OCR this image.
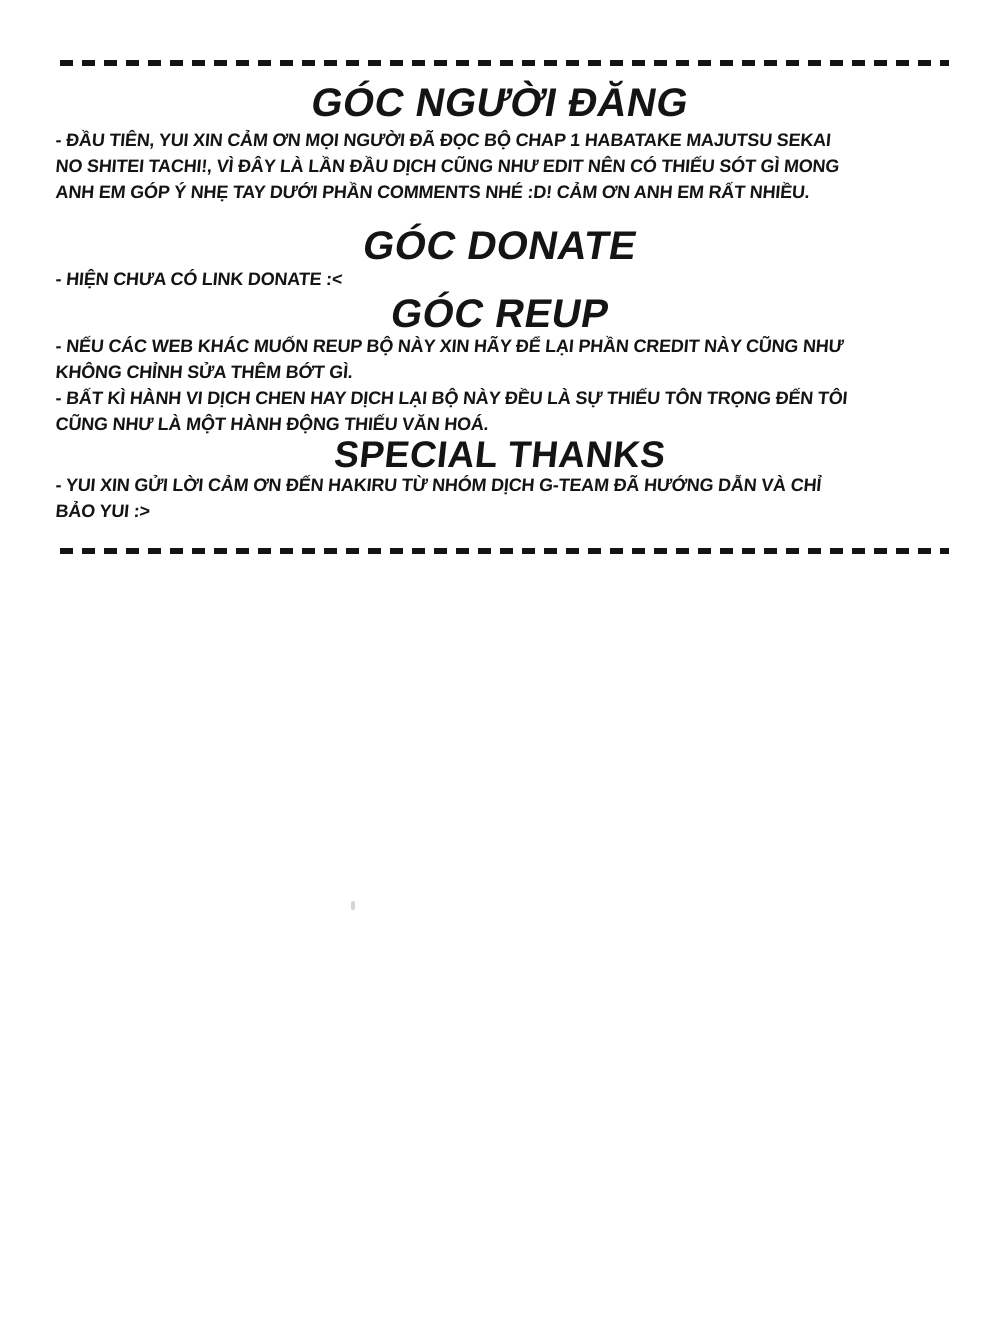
GÓC NGƯỜI ĐĂNG
- ĐẦU TIÊN, YUI XIN CẢM ƠN MỌI NGƯỜI ĐÃ ĐỌC BỘ CHAP 1 HABATAKE MAJUTSU SEKAI
NO SHITEI TACHI!, VÌ ĐÂY LÀ LẦN ĐẦU DỊCH CŨNG NHƯ EDIT NÊN CÓ THIẾU SÓT GÌ MONG
ANH EM GÓP Ý NHẸ TAY DƯỚI PHẦN COMMENTS NHÉ :D! CẢM ƠN ANH EM RẤT NHIỀU.
GÓC DONATE
- HIỆN CHƯA CÓ LINK DONATE :<
GÓC REUP
- NẾU CÁC WEB KHÁC MUỐN REUP BỘ NÀY XIN HÃY ĐỂ LẠI PHẦN CREDIT NÀY CŨNG NHƯ
KHÔNG CHỈNH SỬA THÊM BỚT GÌ.
- BẤT KÌ HÀNH VI DỊCH CHEN HAY DỊCH LẠI BỘ NÀY ĐỀU LÀ SỰ THIẾU TÔN TRỌNG ĐẾN TÔI
CŨNG NHƯ LÀ MỘT HÀNH ĐỘNG THIẾU VĂN HOÁ.
SPECIAL THANKS
- YUI XIN GỬI LỜI CẢM ƠN ĐẾN HAKIRU TỪ NHÓM DỊCH G-TEAM ĐÃ HƯỚNG DẪN VÀ CHỈ
BẢO YUI :>
